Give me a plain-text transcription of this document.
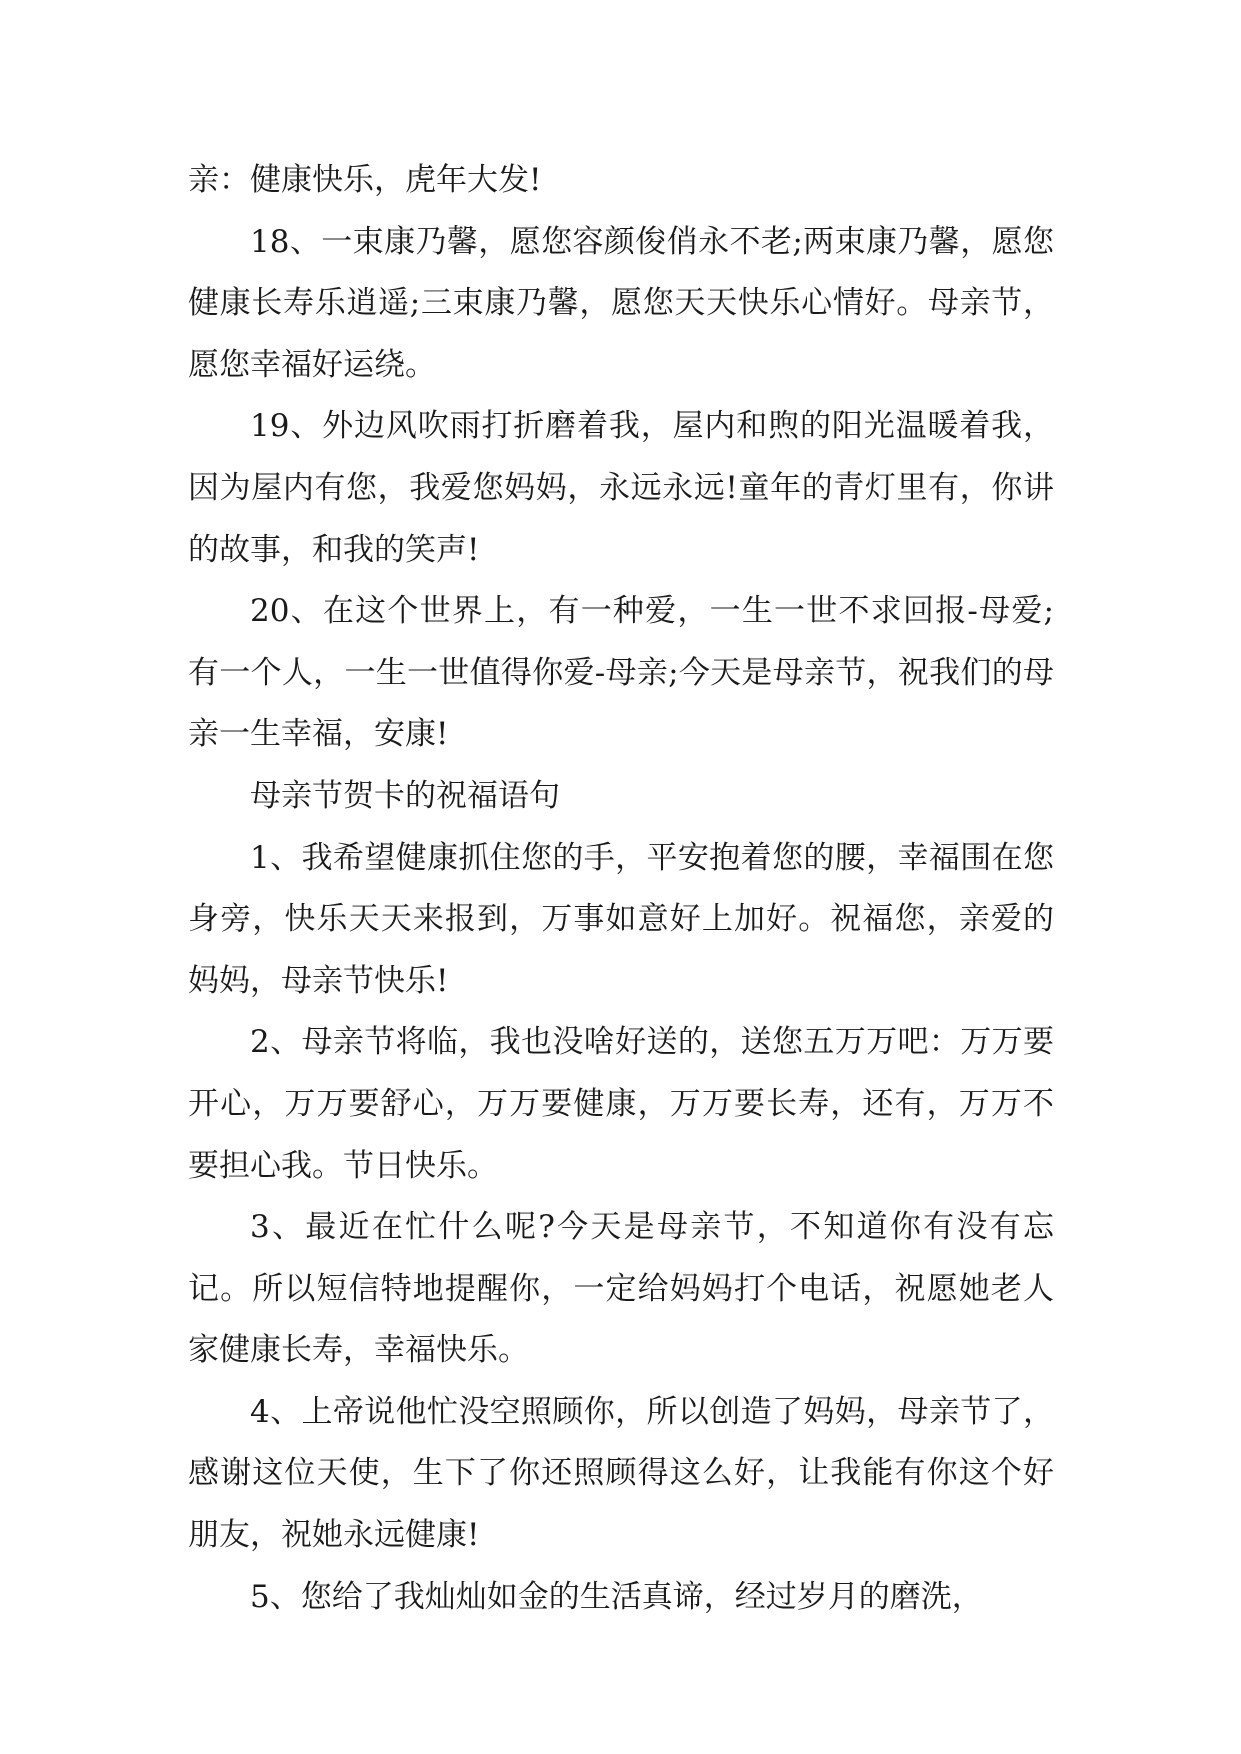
亲：健康快乐，虎年大发!

18、一束康乃馨，愿您容颜俊俏永不老;两束康乃馨，愿您健康长寿乐逍遥;三束康乃馨，愿您天天快乐心情好。母亲节，愿您幸福好运绕。

19、外边风吹雨打折磨着我，屋内和煦的阳光温暖着我，因为屋内有您，我爱您妈妈，永远永远!童年的青灯里有，你讲的故事，和我的笑声!

20、在这个世界上，有一种爱，一生一世不求回报-母爱;有一个人，一生一世值得你爱-母亲;今天是母亲节，祝我们的母亲一生幸福，安康!

母亲节贺卡的祝福语句

1、我希望健康抓住您的手，平安抱着您的腰，幸福围在您身旁，快乐天天来报到，万事如意好上加好。祝福您，亲爱的妈妈，母亲节快乐!

2、母亲节将临，我也没啥好送的，送您五万万吧：万万要开心，万万要舒心，万万要健康，万万要长寿，还有，万万不要担心我。节日快乐。

3、最近在忙什么呢?今天是母亲节，不知道你有没有忘记。所以短信特地提醒你，一定给妈妈打个电话，祝愿她老人家健康长寿，幸福快乐。

4、上帝说他忙没空照顾你，所以创造了妈妈，母亲节了，感谢这位天使，生下了你还照顾得这么好，让我能有你这个好朋友，祝她永远健康!

5、您给了我灿灿如金的生活真谛，经过岁月的磨洗，
